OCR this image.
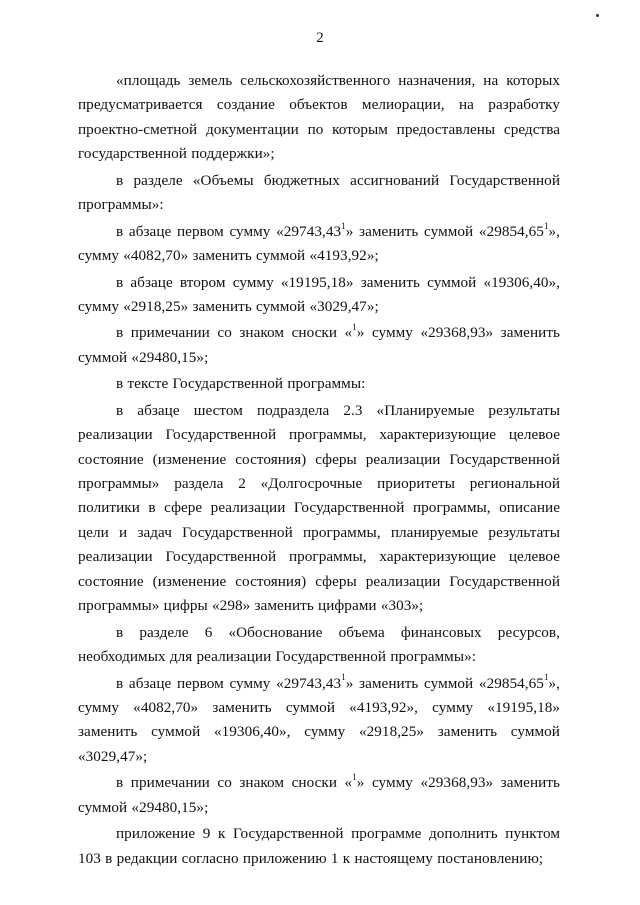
2

«площадь земель сельскохозяйственного назначения, на которых предусматривается создание объектов мелиорации, на разработку проектно-сметной документации по которым предоставлены средства государственной поддержки»;

в разделе «Объемы бюджетных ассигнований Государственной программы»:

в абзаце первом сумму «29743,43$^1$» заменить суммой «29854,65$^1$», сумму «4082,70» заменить суммой «4193,92»;

в абзаце втором сумму «19195,18» заменить суммой «19306,40», сумму «2918,25» заменить суммой «3029,47»;

в примечании со знаком сноски «$^1$» сумму «29368,93» заменить суммой «29480,15»;

в тексте Государственной программы:

в абзаце шестом подраздела 2.3 «Планируемые результаты реализации Государственной программы, характеризующие целевое состояние (изменение состояния) сферы реализации Государственной программы» раздела 2 «Долгосрочные приоритеты региональной политики в сфере реализации Государственной программы, описание цели и задач Государственной программы, планируемые результаты реализации Государственной программы, характеризующие целевое состояние (изменение состояния) сферы реализации Государственной программы» цифры «298» заменить цифрами «303»;

в разделе 6 «Обоснование объема финансовых ресурсов, необходимых для реализации Государственной программы»:

в абзаце первом сумму «29743,43$^1$» заменить суммой «29854,65$^1$», сумму «4082,70» заменить суммой «4193,92», сумму «19195,18» заменить суммой «19306,40», сумму «2918,25» заменить суммой «3029,47»;

в примечании со знаком сноски «$^1$» сумму «29368,93» заменить суммой «29480,15»;

приложение 9 к Государственной программе дополнить пунктом 103 в редакции согласно приложению 1 к настоящему постановлению;
